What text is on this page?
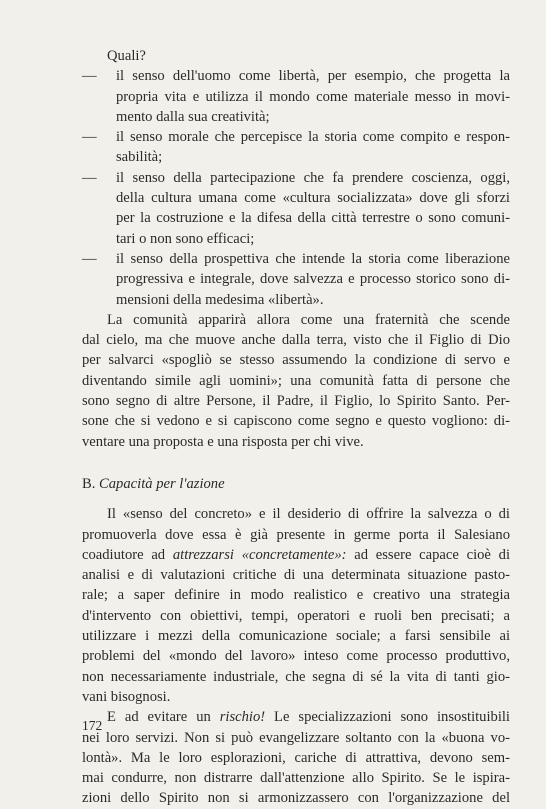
Quali?
— il senso dell'uomo come libertà, per esempio, che progetta la
propria vita e utilizza il mondo come materiale messo in movi-
mento dalla sua creatività;
— il senso morale che percepisce la storia come compito e respon-
sabilità;
— il senso della partecipazione che fa prendere coscienza, oggi,
della cultura umana come «cultura socializzata» dove gli sforzi
per la costruzione e la difesa della città terrestre o sono comuni-
tari o non sono efficaci;
— il senso della prospettiva che intende la storia come liberazione
progressiva e integrale, dove salvezza e processo storico sono di-
mensioni della medesima «libertà».
La comunità apparirà allora come una fraternità che scende
dal cielo, ma che muove anche dalla terra, visto che il Figlio di Dio
per salvarci «spogliò se stesso assumendo la condizione di servo e
diventando simile agli uomini»; una comunità fatta di persone che
sono segno di altre Persone, il Padre, il Figlio, lo Spirito Santo. Per-
sone che si vedono e si capiscono come segno e questo vogliono: di-
ventare una proposta e una risposta per chi vive.
B. Capacità per l'azione
Il «senso del concreto» e il desiderio di offrire la salvezza o di
promuoverla dove essa è già presente in germe porta il Salesiano
coadiutore ad attrezzarsi «concretamente»: ad essere capace cioè di
analisi e di valutazioni critiche di una determinata situazione pasto-
rale; a saper definire in modo realistico e creativo una strategia
d'intervento con obiettivi, tempi, operatori e ruoli ben precisati; a
utilizzare i mezzi della comunicazione sociale; a farsi sensibile ai
problemi del «mondo del lavoro» inteso come processo produttivo,
non necessariamente industriale, che segna di sé la vita di tanti gio-
vani bisognosi.
E ad evitare un rischio! Le specializzazioni sono insostituibili
nei loro servizi. Non si può evangelizzare soltanto con la «buona vo-
lontà». Ma le loro esplorazioni, cariche di attrattiva, devono sem-
mai condurre, non distrarre dall'attenzione allo Spirito. Se le ispira-
zioni dello Spirito non si armonizzassero con l'organizzazione del
172
